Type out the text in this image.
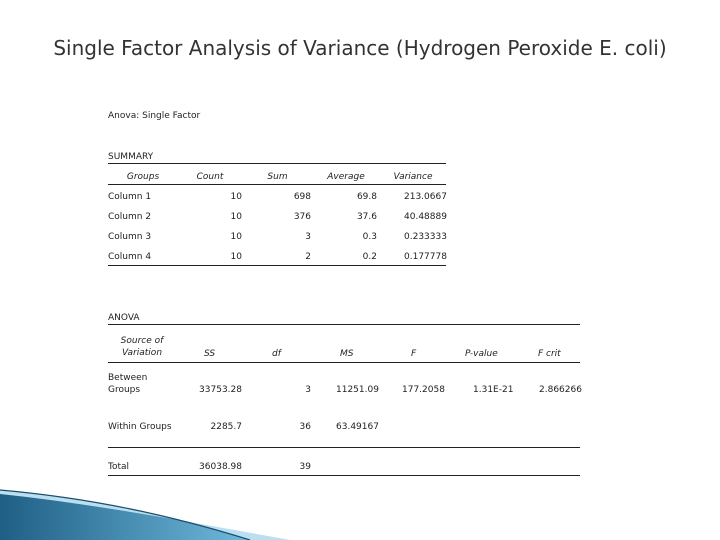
Single Factor Analysis of Variance (Hydrogen Peroxide E. coli)
Anova: Single Factor
SUMMARY
Groups	Count	Sum	Average	Variance
Column 1	10	698	69.8	213.0667
Column 2	10	376	37.6	40.48889
Column 3	10	3	0.3	0.233333
Column 4	10	2	0.2	0.177778
ANOVA
Source of
Variation	SS	df	MS	F	P-value	F crit
Between
Groups	33753.28	3	11251.09	177.2058	1.31E-21	2.866266
Within Groups	2285.7	36	63.49167
Total	36038.98	39
